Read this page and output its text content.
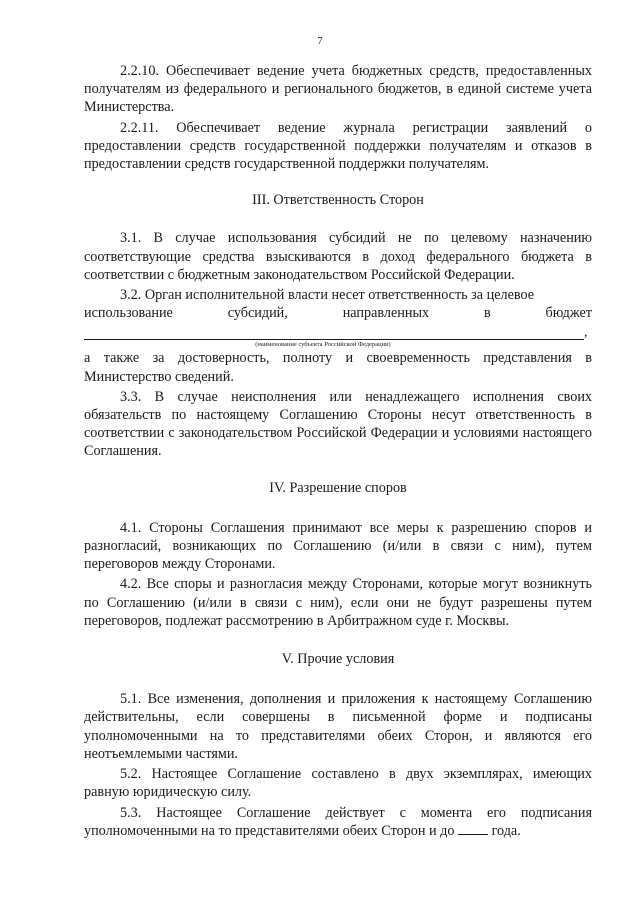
7

2.2.10. Обеспечивает ведение учета бюджетных средств, предоставленных получателям из федерального и регионального бюджетов, в единой системе учета Министерства.

2.2.11. Обеспечивает ведение журнала регистрации заявлений о предоставлении средств государственной поддержки получателям и отказов в предоставлении средств государственной поддержки получателям.

III. Ответственность Сторон

3.1. В случае использования субсидий не по целевому назначению соответствующие средства взыскиваются в доход федерального бюджета в соответствии с бюджетным законодательством Российской Федерации.

3.2. Орган исполнительной власти несет ответственность за целевое

использование	субсидий,	направленных	в	бюджет
,
(наименование субъекта Российской Федерации)

а также за достоверность, полноту и своевременность представления в Министерство сведений.

3.3. В случае неисполнения или ненадлежащего исполнения своих обязательств по настоящему Соглашению Стороны несут ответственность в соответствии с законодательством Российской Федерации и условиями настоящего Соглашения.

IV. Разрешение споров

4.1. Стороны Соглашения принимают все меры к разрешению споров и разногласий, возникающих по Соглашению (и/или в связи с ним), путем переговоров между Сторонами.

4.2. Все споры и разногласия между Сторонами, которые могут возникнуть по Соглашению (и/или в связи с ним), если они не будут разрешены путем переговоров, подлежат рассмотрению в Арбитражном суде г. Москвы.

V. Прочие условия

5.1. Все изменения, дополнения и приложения к настоящему Соглашению действительны, если совершены в письменной форме и подписаны уполномоченными на то представителями обеих Сторон, и являются его неотъемлемыми частями.

5.2. Настоящее Соглашение составлено в двух экземплярах, имеющих равную юридическую силу.

5.3. Настоящее Соглашение действует с момента его подписания уполномоченными на то представителями обеих Сторон и до	года.
